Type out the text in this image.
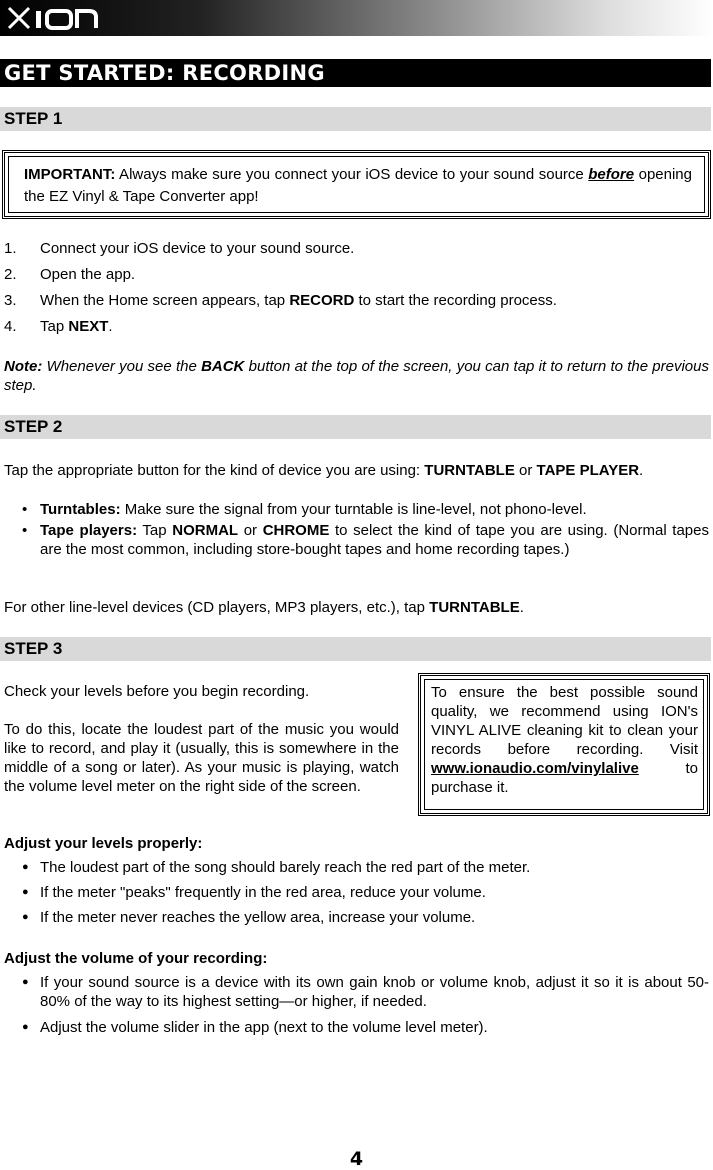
GET STARTED: RECORDING
STEP 1
IMPORTANT: Always make sure you connect your iOS device to your sound source before opening the EZ Vinyl & Tape Converter app!
1. Connect your iOS device to your sound source.
2. Open the app.
3. When the Home screen appears, tap RECORD to start the recording process.
4. Tap NEXT.
Note: Whenever you see the BACK button at the top of the screen, you can tap it to return to the previous step.
STEP 2
Tap the appropriate button for the kind of device you are using: TURNTABLE or TAPE PLAYER.
• Turntables: Make sure the signal from your turntable is line-level, not phono-level.
• Tape players: Tap NORMAL or CHROME to select the kind of tape you are using. (Normal tapes are the most common, including store-bought tapes and home recording tapes.)
For other line-level devices (CD players, MP3 players, etc.), tap TURNTABLE.
STEP 3
Check your levels before you begin recording.
To do this, locate the loudest part of the music you would like to record, and play it (usually, this is somewhere in the middle of a song or later). As your music is playing, watch the volume level meter on the right side of the screen.
To ensure the best possible sound quality, we recommend using ION's VINYL ALIVE cleaning kit to clean your records before recording. Visit www.ionaudio.com/vinylalive to purchase it.
Adjust your levels properly:
● The loudest part of the song should barely reach the red part of the meter.
● If the meter "peaks" frequently in the red area, reduce your volume.
● If the meter never reaches the yellow area, increase your volume.
Adjust the volume of your recording:
● If your sound source is a device with its own gain knob or volume knob, adjust it so it is about 50-80% of the way to its highest setting—or higher, if needed.
● Adjust the volume slider in the app (next to the volume level meter).
4
